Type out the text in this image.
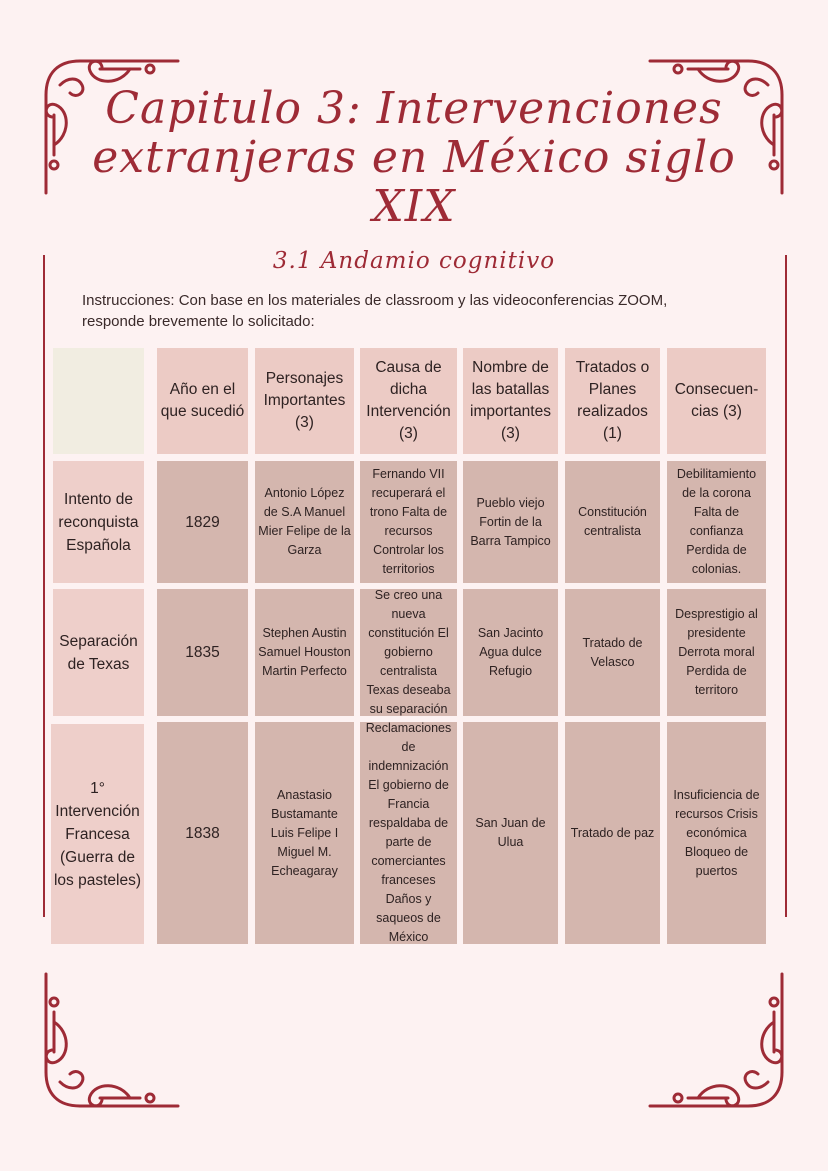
Capitulo 3: Intervenciones
extranjeras en México siglo
XIX
3.1 Andamio cognitivo
Instrucciones: Con base en los materiales de classroom y las videoconferencias ZOOM,
responde brevemente lo solicitado:
Año en el que sucedió
Personajes Importantes (3)
Causa de dicha Intervención (3)
Nombre de las batallas importantes (3)
Tratados o Planes realizados (1)
Consecuen- cias (3)
Intento de reconquista Española
1829
Antonio López de S.A Manuel Mier Felipe de la Garza
Fernando VII recuperará el trono Falta de recursos Controlar los territorios
Pueblo viejo Fortin de la Barra Tampico
Constitución centralista
Debilitamiento de la corona Falta de confianza Perdida de colonias.
Separación de Texas
1835
Stephen Austin Samuel Houston Martin Perfecto
Se creo una nueva constitución El gobierno centralista Texas deseaba su separación
San Jacinto Agua dulce Refugio
Tratado de Velasco
Desprestigio al presidente Derrota moral Perdida de territoro
1° Intervención Francesa (Guerra de los pasteles)
1838
Anastasio Bustamante Luis Felipe I Miguel M. Echeagaray
Reclamaciones de indemnización El gobierno de Francia respaldaba de parte de comerciantes franceses Daños y saqueos de México
San Juan de Ulua
Tratado de paz
Insuficiencia de recursos Crisis económica Bloqueo de puertos
